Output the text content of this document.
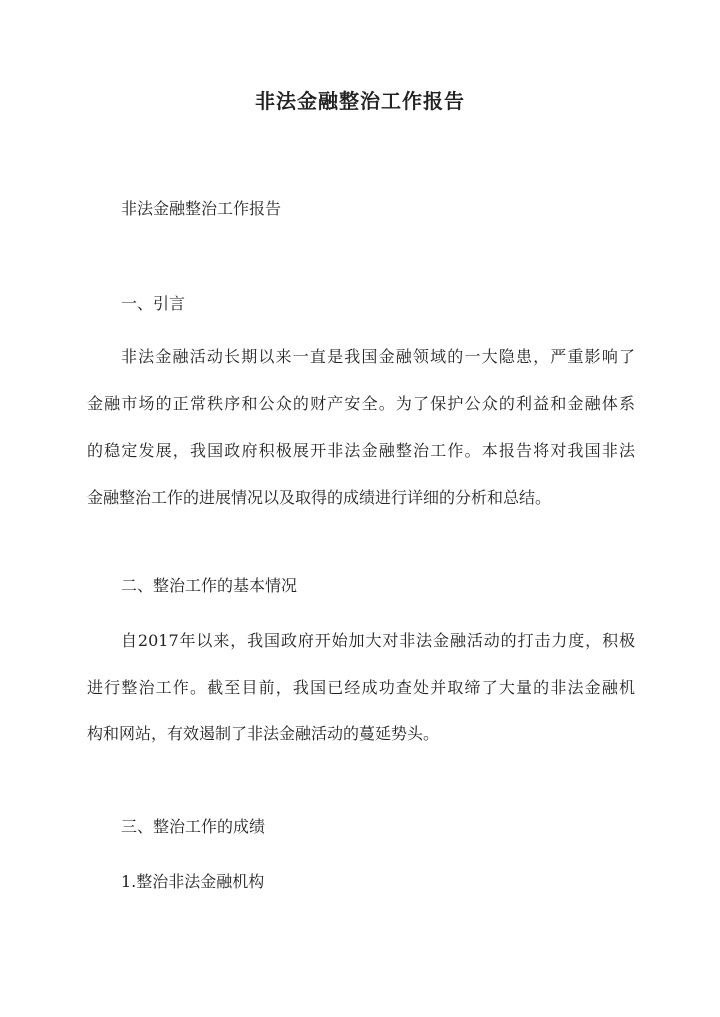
非法金融整治工作报告

非法金融整治工作报告

一、引言

非法金融活动长期以来一直是我国金融领域的一大隐患，严重影响了

金融市场的正常秩序和公众的财产安全。为了保护公众的利益和金融体系

的稳定发展，我国政府积极展开非法金融整治工作。本报告将对我国非法

金融整治工作的进展情况以及取得的成绩进行详细的分析和总结。

二、整治工作的基本情况

自2017年以来，我国政府开始加大对非法金融活动的打击力度，积极

进行整治工作。截至目前，我国已经成功查处并取缔了大量的非法金融机

构和网站，有效遏制了非法金融活动的蔓延势头。

三、整治工作的成绩

1.整治非法金融机构
